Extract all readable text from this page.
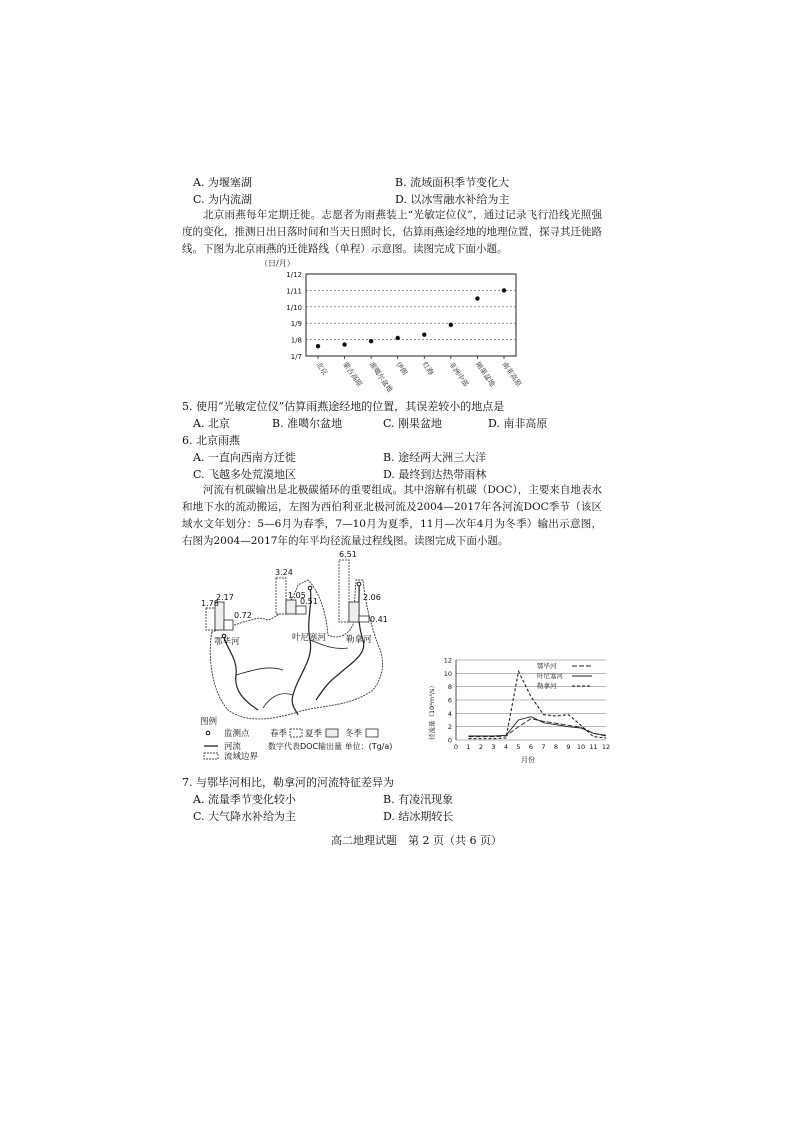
A. 为堰塞湖	B. 流域面积季节变化大
C. 为内流湖	D. 以冰雪融水补给为主
北京雨燕每年定期迁徙。志愿者为雨燕装上“光敏定位仪”，通过记录飞行沿线光照强度的变化，推测日出日落时间和当天日照时长，估算雨燕途经地的地理位置，探寻其迁徙路线。下图为北京雨燕的迁徙路线（单程）示意图。读图完成下面小题。
（日/月）
1/12
1/11
1/10
1/9
1/8
1/7
北京 蒙古高原 准噶尔盆地 伊朗 红海 非洲中部 刚果盆地 南非高原
5. 使用“光敏定位仪”估算雨燕途经地的位置，其误差较小的地点是
A. 北京	B. 准噶尔盆地	C. 刚果盆地	D. 南非高原
6. 北京雨燕
A. 一直向西南方迁徙	B. 途经两大洲三大洋
C. 飞越多处荒漠地区	D. 最终到达热带雨林
河流有机碳输出是北极碳循环的重要组成。其中溶解有机碳（DOC），主要来自地表水和地下水的流动搬运，左图为西伯利亚北极河流及2004—2017年各河流DOC季节（该区域水文年划分：5—6月为春季，7—10月为夏季，11月—次年4月为冬季）输出示意图，右图为2004—2017年的年平均径流量过程线图。读图完成下面小题。
1.78
2.17
0.72
鄂毕河
3.24
1.05
0.51
叶尼塞河
6.51
2.06
0.41
勒拿河
图例
监测点
河流
流域边界
春季 夏季	冬季
数字代表DOC输出量 单位：(Tg/a)
径流量（10⁴m³/s）
0
2
4
6
8
10
12
0 1 2 3 4 5 6 7 8 9 10 11 12
鄂毕河
叶尼塞河
勒拿河
月份
7. 与鄂毕河相比，勒拿河的河流特征差异为
A. 流量季节变化较小	B. 有凌汛现象
C. 大气降水补给为主	D. 结冰期较长
高二地理试题　第 2 页（共 6 页）
